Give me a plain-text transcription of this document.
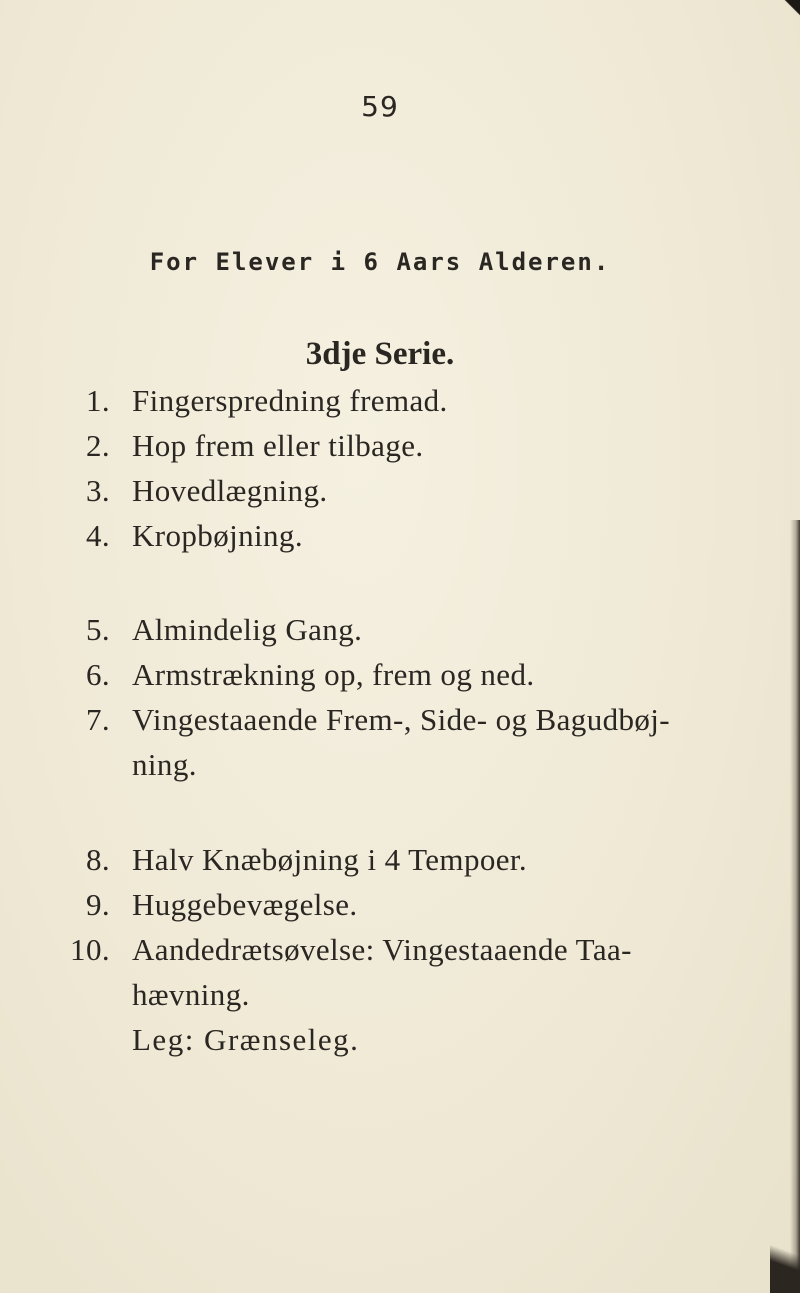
59
For Elever i 6 Aars Alderen.
3dje Serie.
1. Fingerspredning fremad.
2. Hop frem eller tilbage.
3. Hovedlægning.
4. Kropbøjning.
5. Almindelig Gang.
6. Armstrækning op, frem og ned.
7. Vingestaaende Frem-, Side- og Bagudbøj-
ning.
8. Halv Knæbøjning i 4 Tempoer.
9. Huggebevægelse.
10. Aandedrætsøvelse: Vingestaaende Taa-
hævning.
Leg: Grænseleg.
